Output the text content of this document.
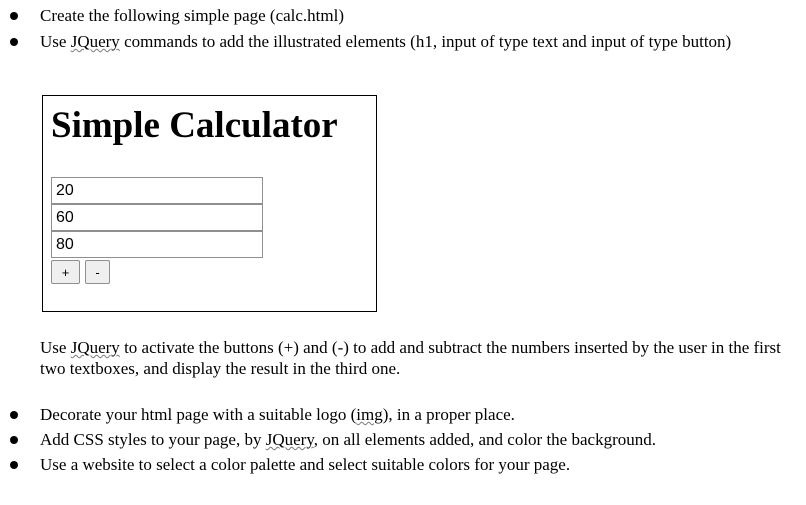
Create the following simple page (calc.html)
Use JQuery commands to add the illustrated elements (h1, input of type text and input of type button)
Simple Calculator
20
60
80
+	-

Use JQuery to activate the buttons (+) and (-) to add and subtract the numbers inserted by the user in the first two textboxes, and display the result in the third one.

Decorate your html page with a suitable logo (img), in a proper place.
Add CSS styles to your page, by JQuery, on all elements added, and color the background.
Use a website to select a color palette and select suitable colors for your page.
